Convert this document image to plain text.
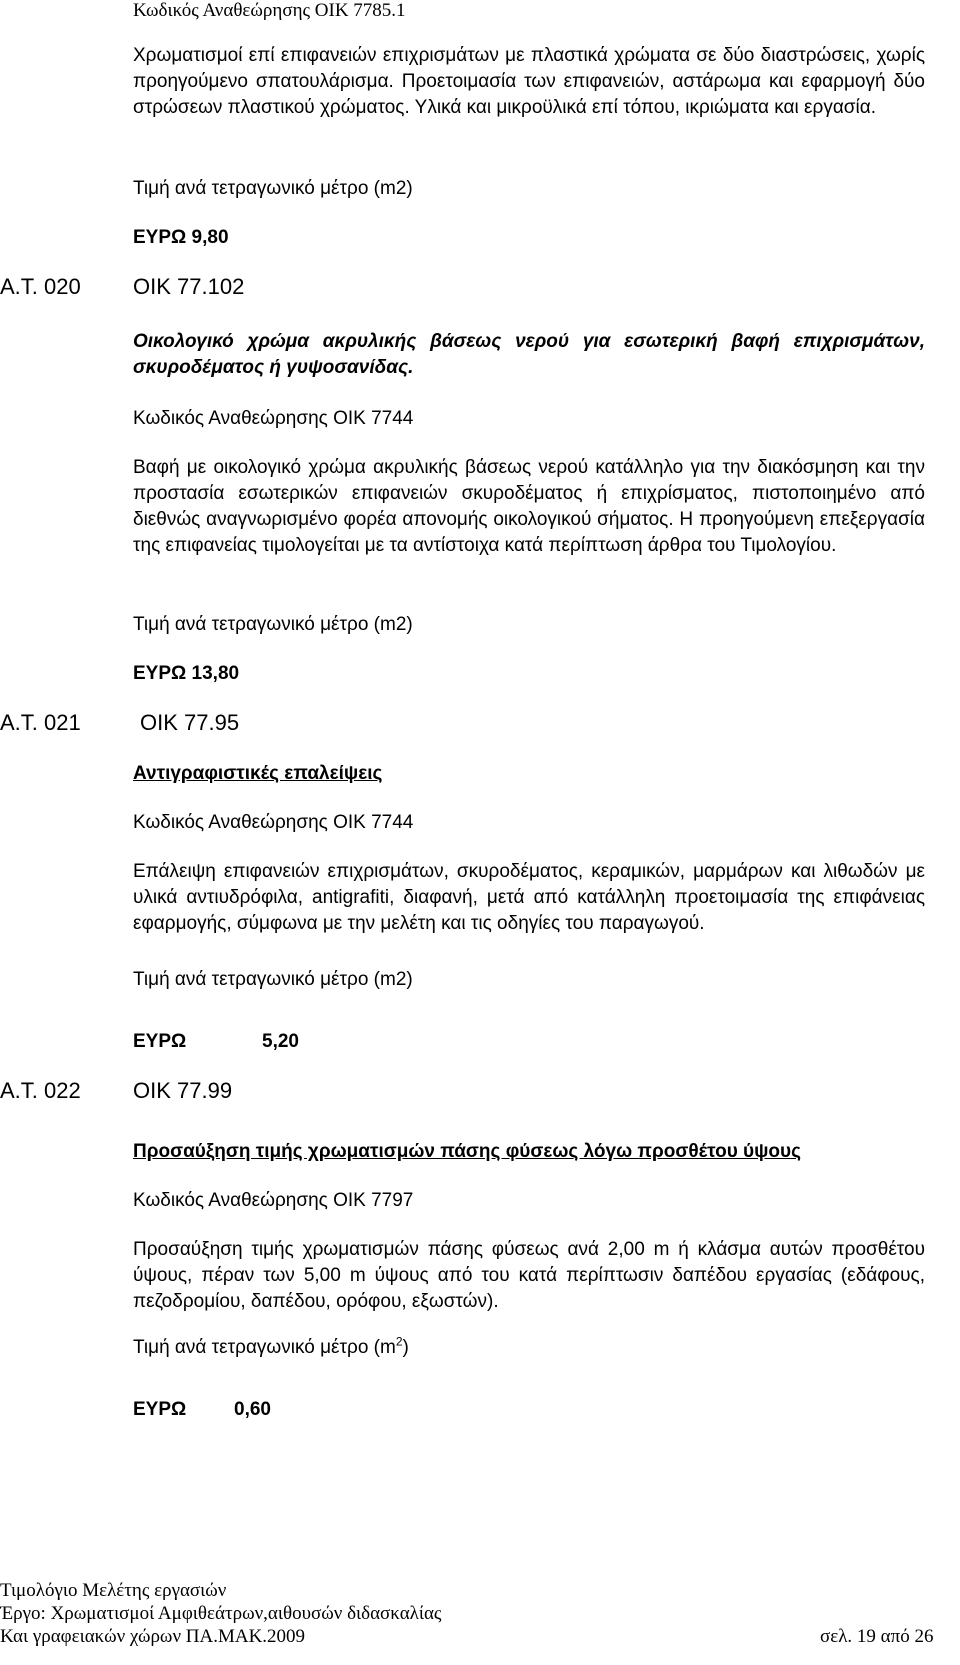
Κωδικός Αναθεώρησης ΟΙΚ 7785.1
Χρωματισμοί επί επιφανειών επιχρισμάτων με πλαστικά χρώματα σε δύο διαστρώσεις, χωρίς προηγούμενο σπατουλάρισμα. Προετοιμασία των επιφανειών, αστάρωμα και εφαρμογή δύο στρώσεων πλαστικού χρώματος. Υλικά και μικροϋλικά επί τόπου, ικριώματα και εργασία.
Τιμή ανά τετραγωνικό μέτρο (m2)
ΕΥΡΩ 9,80
Α.Τ. 020 ΟΙΚ 77.102
Οικολογικό χρώμα ακρυλικής βάσεως νερού για εσωτερική βαφή επιχρισμάτων, σκυροδέματος ή γυψοσανίδας.
Κωδικός Αναθεώρησης ΟΙΚ 7744
Βαφή με οικολογικό χρώμα ακρυλικής βάσεως νερού κατάλληλο για την διακόσμηση και την προστασία εσωτερικών επιφανειών σκυροδέματος ή επιχρίσματος, πιστοποιημένο από διεθνώς αναγνωρισμένο φορέα απονομής οικολογικού σήματος. Η προηγούμενη επεξεργασία της επιφανείας τιμολογείται με τα αντίστοιχα κατά περίπτωση άρθρα του Τιμολογίου.
Τιμή ανά τετραγωνικό μέτρο (m2)
ΕΥΡΩ 13,80
Α.Τ. 021	ΟΙΚ 77.95
Αντιγραφιστικές επαλείψεις
Κωδικός Αναθεώρησης ΟΙΚ 7744
Επάλειψη επιφανειών επιχρισμάτων, σκυροδέματος, κεραμικών, μαρμάρων και λιθωδών με υλικά αντιυδρόφιλα, antigrafiti, διαφανή, μετά από κατάλληλη προετοιμασία της επιφάνειας εφαρμογής, σύμφωνα με την μελέτη και τις οδηγίες του παραγωγού.
Τιμή ανά τετραγωνικό μέτρο (m2)
ΕΥΡΩ	5,20
Α.Τ. 022 ΟΙΚ 77.99
Προσαύξηση τιμής χρωματισμών πάσης φύσεως λόγω προσθέτου ύψους
Κωδικός Αναθεώρησης ΟΙΚ 7797
Προσαύξηση τιμής χρωματισμών πάσης φύσεως ανά 2,00 m ή κλάσμα αυτών προσθέτου ύψους, πέραν των 5,00 m ύψους από του κατά περίπτωσιν δαπέδου εργασίας (εδάφους, πεζοδρομίου, δαπέδου, ορόφου, εξωστών).
Τιμή ανά τετραγωνικό μέτρο $(m^2)$
ΕΥΡΩ	0,60
Τιμολόγιο Μελέτης εργασιών
Έργο: Χρωματισμοί Αμφιθεάτρων,αιθουσών διδασκαλίας
Και γραφειακών χώρων ΠΑ.ΜΑΚ.2009	σελ. 19 από 26
